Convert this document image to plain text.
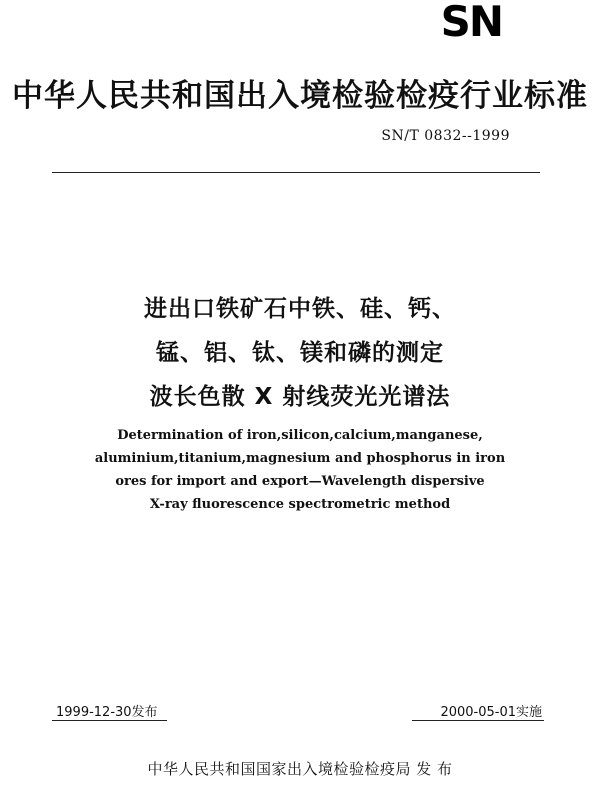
SN
中华人民共和国出入境检验检疫行业标准
SN/T 0832--1999
进出口铁矿石中铁、硅、钙、
锰、铝、钛、镁和磷的测定
波长色散 X 射线荧光光谱法
Determination of iron,silicon,calcium,manganese,
aluminium,titanium,magnesium and phosphorus in iron
ores for import and export—Wavelength dispersive
X-ray fluorescence spectrometric method
1999-12-30发布	2000-05-01实施
中华人民共和国国家出入境检验检疫局 发 布
